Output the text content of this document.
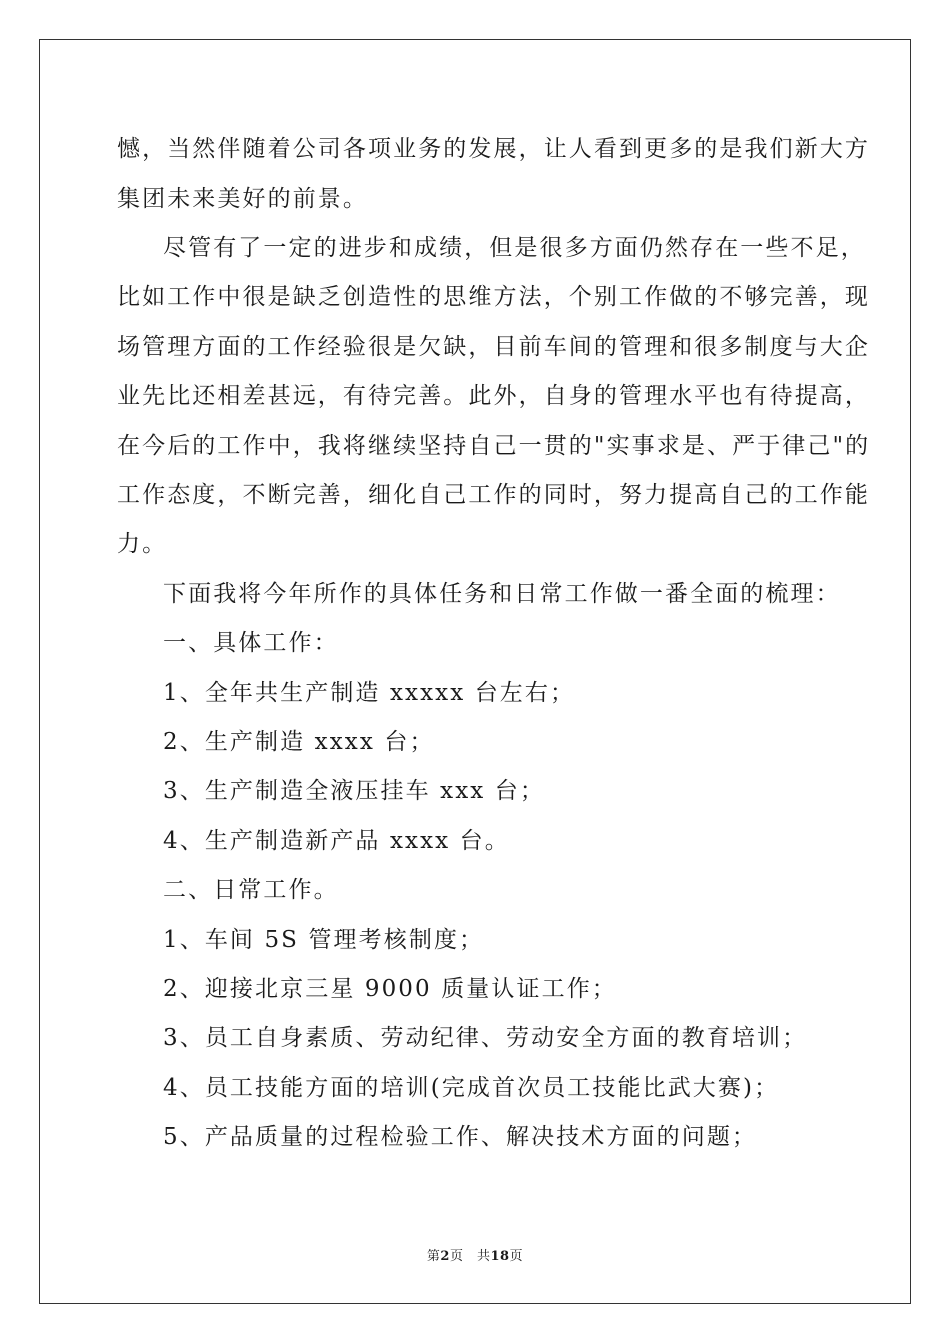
憾，当然伴随着公司各项业务的发展，让人看到更多的是我们新大方
集团未来美好的前景。
尽管有了一定的进步和成绩，但是很多方面仍然存在一些不足，
比如工作中很是缺乏创造性的思维方法，个别工作做的不够完善，现
场管理方面的工作经验很是欠缺，目前车间的管理和很多制度与大企
业先比还相差甚远，有待完善。此外，自身的管理水平也有待提高，
在今后的工作中，我将继续坚持自己一贯的"实事求是、严于律己"的
工作态度，不断完善，细化自己工作的同时，努力提高自己的工作能
力。
下面我将今年所作的具体任务和日常工作做一番全面的梳理：
一、具体工作：
1、全年共生产制造 xxxxx 台左右；
2、生产制造 xxxx 台；
3、生产制造全液压挂车 xxx 台；
4、生产制造新产品 xxxx 台。
二、日常工作。
1、车间 5S 管理考核制度；
2、迎接北京三星 9000 质量认证工作；
3、员工自身素质、劳动纪律、劳动安全方面的教育培训；
4、员工技能方面的培训(完成首次员工技能比武大赛)；
5、产品质量的过程检验工作、解决技术方面的问题；
第2页　共18页
